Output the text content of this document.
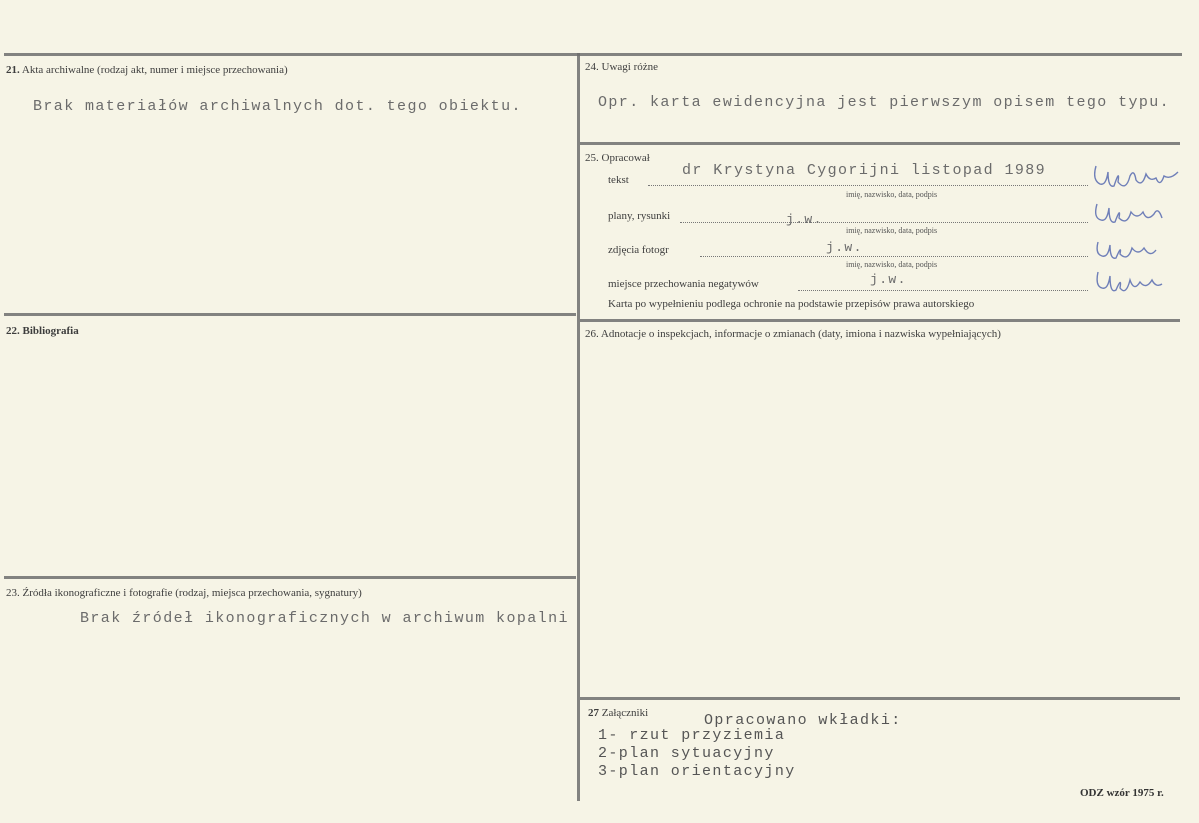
21. Akta archiwalne (rodzaj akt, numer i miejsce przechowania)
Brak materiałów archiwalnych dot. tego obiektu.
22. Bibliografia
23. Źródła ikonograficzne i fotografie (rodzaj, miejsca przechowania, sygnatury)
Brak źródeł ikonograficznych w archiwum kopalni
24. Uwagi różne
Opr. karta ewidencyjna jest pierwszym opisem tego typu.
25. Opracował
tekst
dr Krystyna Cygorijni listopad 1989
imię, nazwisko, data, podpis
plany, rysunki	j.w.
imię, nazwisko, data, podpis
zdjęcia fotogr	j.w.
imię, nazwisko, data, podpis
miejsce przechowania negatywów	j.w.
Karta po wypełnieniu podlega ochronie na podstawie przepisów prawa autorskiego
26. Adnotacje o inspekcjach, informacje o zmianach (daty, imiona i nazwiska wypełniających)
27 Załączniki	Opracowano wkładki:
1- rzut przyziemia
2-plan sytuacyjny
3-plan orientacyjny
ODZ wzór 1975 r.
